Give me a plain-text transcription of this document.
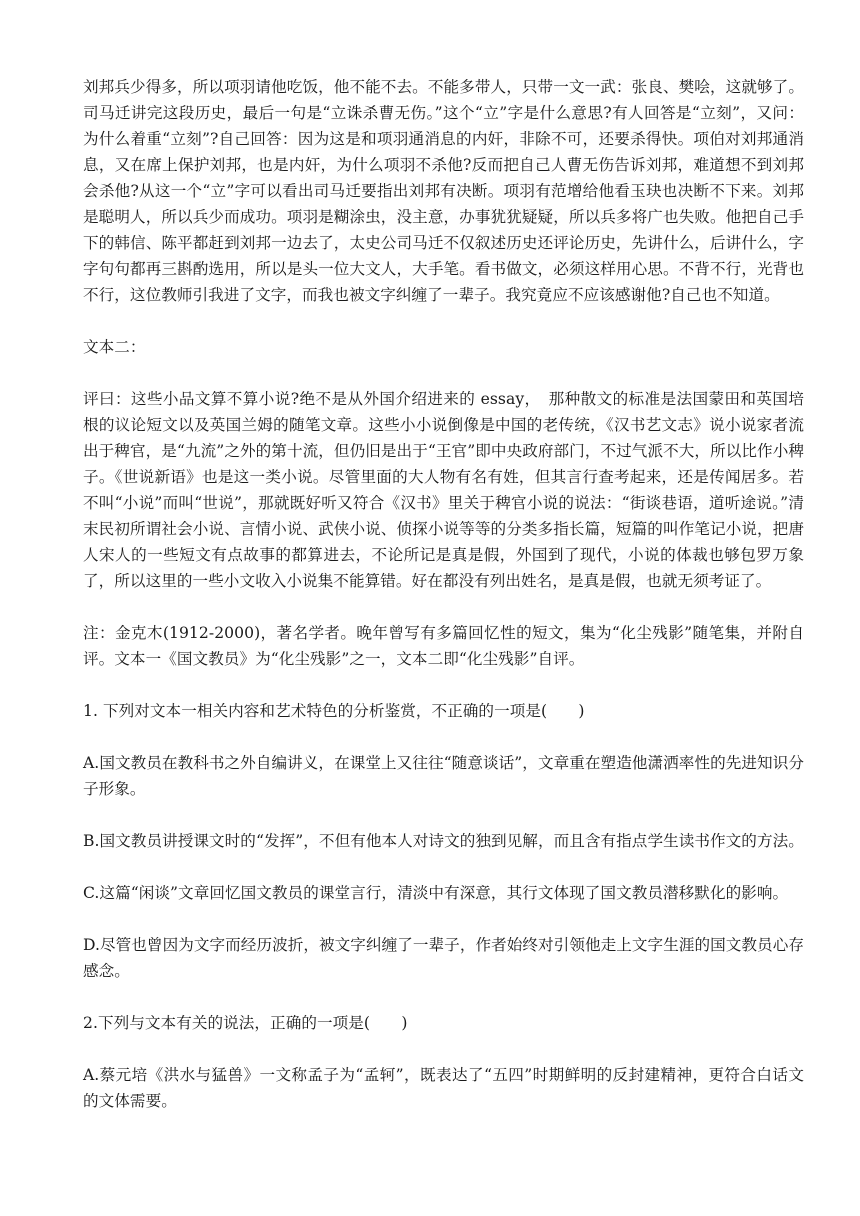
刘邦兵少得多，所以项羽请他吃饭，他不能不去。不能多带人，只带一文一武：张良、樊哙，这就够了。司马迁讲完这段历史，最后一句是“立诛杀曹无伤。”这个“立”字是什么意思?有人回答是“立刻”，又问：为什么着重“立刻”?自己回答：因为这是和项羽通消息的内奸，非除不可，还要杀得快。项伯对刘邦通消息，又在席上保护刘邦，也是内奸，为什么项羽不杀他?反而把自己人曹无伤告诉刘邦，难道想不到刘邦会杀他?从这一个“立”字可以看出司马迁要指出刘邦有决断。项羽有范增给他看玉玦也决断不下来。刘邦是聪明人，所以兵少而成功。项羽是糊涂虫，没主意，办事犹犹疑疑，所以兵多将广也失败。他把自己手下的韩信、陈平都赶到刘邦一边去了，太史公司马迁不仅叙述历史还评论历史，先讲什么，后讲什么，字字句句都再三斟酌选用，所以是头一位大文人，大手笔。看书做文，必须这样用心思。不背不行，光背也不行，这位教师引我进了文字，而我也被文字纠缠了一辈子。我究竟应不应该感谢他?自己也不知道。

文本二：

评曰：这些小品文算不算小说?绝不是从外国介绍进来的 essay，　那种散文的标准是法国蒙田和英国培根的议论短文以及英国兰姆的随笔文章。这些小小说倒像是中国的老传统，《汉书艺文志》说小说家者流出于稗官，是“九流”之外的第十流，但仍旧是出于“王官”即中央政府部门，不过气派不大，所以比作小稗子。《世说新语》也是这一类小说。尽管里面的大人物有名有姓，但其言行查考起来，还是传闻居多。若不叫“小说”而叫“世说”，那就既好听又符合《汉书》里关于稗官小说的说法：“街谈巷语，道听途说。”清末民初所谓社会小说、言情小说、武侠小说、侦探小说等等的分类多指长篇，短篇的叫作笔记小说，把唐人宋人的一些短文有点故事的都算进去，不论所记是真是假，外国到了现代，小说的体裁也够包罗万象了，所以这里的一些小文收入小说集不能算错。好在都没有列出姓名，是真是假，也就无须考证了。

注：金克木(1912-2000)，著名学者。晚年曾写有多篇回忆性的短文，集为“化尘残影”随笔集，并附自评。文本一《国文教员》为“化尘残影”之一，文本二即“化尘残影”自评。

1. 下列对文本一相关内容和艺术特色的分析鉴赏，不正确的一项是(　　)

A.国文教员在教科书之外自编讲义，在课堂上又往往“随意谈话”，文章重在塑造他潇洒率性的先进知识分子形象。

B.国文教员讲授课文时的“发挥”，不但有他本人对诗文的独到见解，而且含有指点学生读书作文的方法。

C.这篇“闲谈”文章回忆国文教员的课堂言行，清淡中有深意，其行文体现了国文教员潜移默化的影响。

D.尽管也曾因为文字而经历波折，被文字纠缠了一辈子，作者始终对引领他走上文字生涯的国文教员心存感念。

2.下列与文本有关的说法，正确的一项是(　　)

A.蔡元培《洪水与猛兽》一文称孟子为“孟轲”，既表达了“五四”时期鲜明的反封建精神，更符合白话文的文体需要。
